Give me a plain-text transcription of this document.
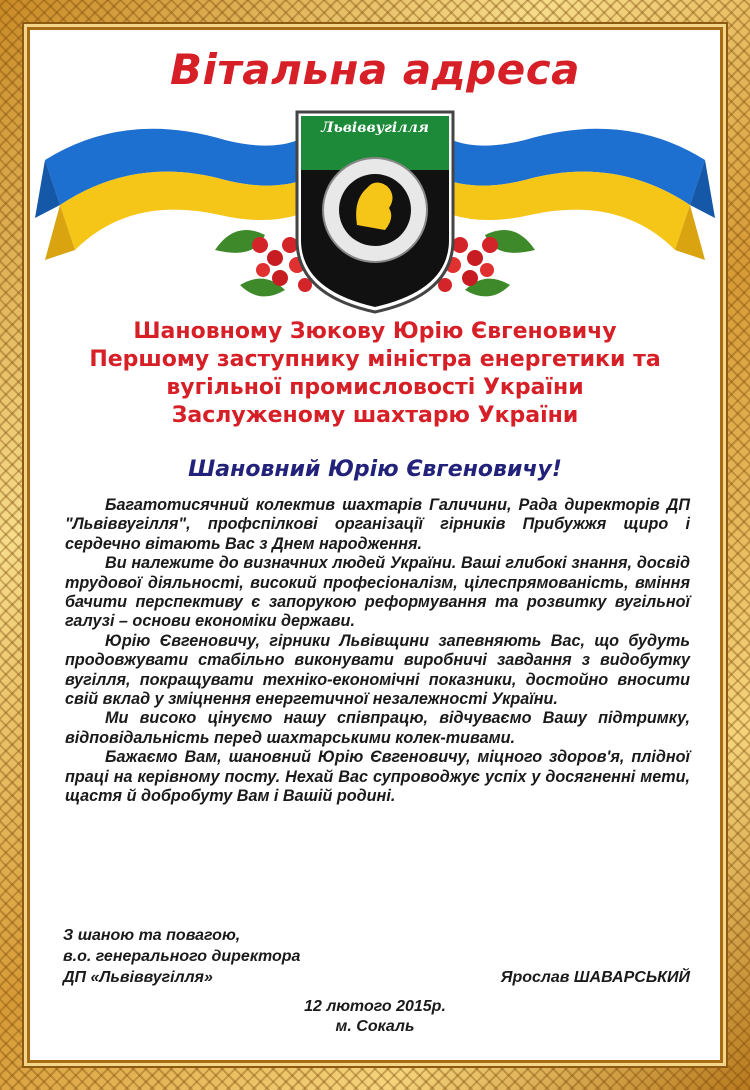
Вітальна адреса
Львіввугілля
Шановному Зюкову Юрію Євгеновичу
Першому заступнику міністра енергетики та
вугільної промисловості України
Заслуженому шахтарю України
Шановний Юрію Євгеновичу!

Багатотисячний колектив шахтарів Галичини, Рада директорів ДП "Львіввугілля", профспілкові організації гірників Прибужжя щиро і сердечно вітають Вас з Днем народження.

Ви належите до визначних людей України. Ваші глибокі знання, досвід трудової діяльності, високий професіоналізм, цілеспрямованість, вміння бачити перспективу є запорукою реформування та розвитку вугільної галузі – основи економіки держави.

Юрію Євгеновичу, гірники Львівщини запевняють Вас, що будуть продовжувати стабільно виконувати виробничі завдання з видобутку вугілля, покращувати техніко-економічні показники, достойно вносити свій вклад у зміцнення енергетичної незалежності України.

Ми високо цінуємо нашу співпрацю, відчуваємо Вашу підтримку, відповідальність перед шахтарськими колек-тивами.

Бажаємо Вам, шановний Юрію Євгеновичу, міцного здоров'я, плідної праці на керівному посту. Нехай Вас супроводжує успіх у досягненні мети, щастя й добробуту Вам і Вашій родині.

З шаною та повагою,
в.о. генерального директора
ДП «Львіввугілля»	Ярослав ШАВАРСЬКИЙ
12 лютого 2015р.
м. Сокаль
